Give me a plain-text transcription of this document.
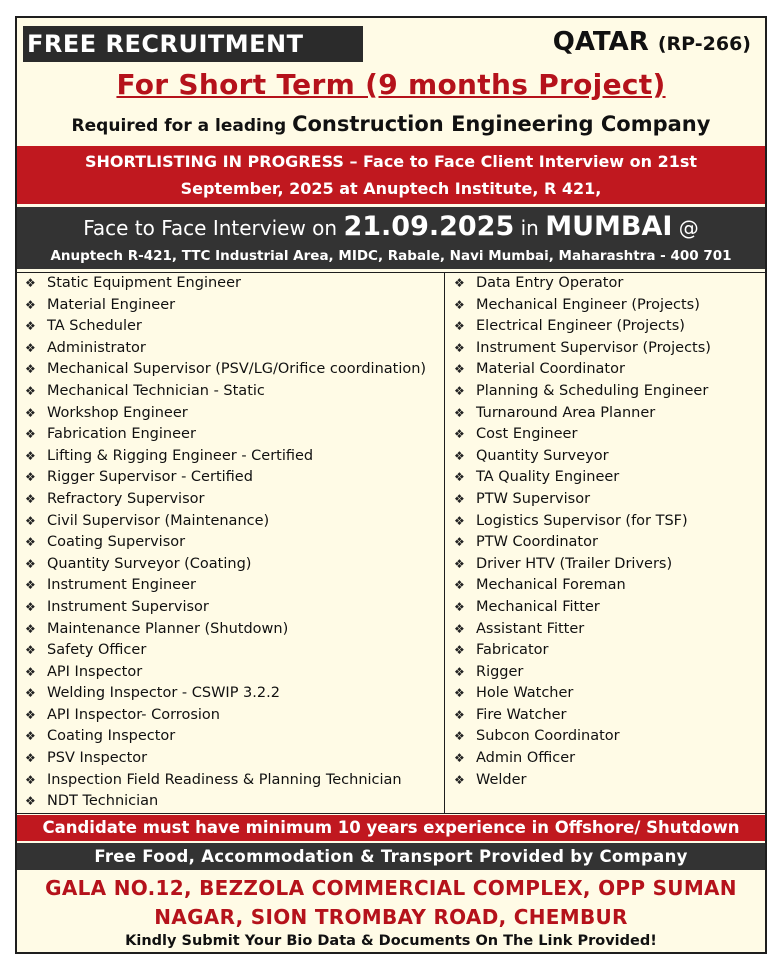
FREE RECRUITMENT	QATAR (RP-266)
For Short Term (9 months Project)
Required for a leading Construction Engineering Company
SHORTLISTING IN PROGRESS – Face to Face Client Interview on 21st
September, 2025 at Anuptech Institute, R 421,
Face to Face Interview on 21.09.2025 in MUMBAI @
Anuptech R-421, TTC Industrial Area, MIDC, Rabale, Navi Mumbai, Maharashtra - 400 701
❖ Static Equipment Engineer
❖ Material Engineer
❖ TA Scheduler
❖ Administrator
❖ Mechanical Supervisor (PSV/LG/Orifice coordination)
❖ Mechanical Technician - Static
❖ Workshop Engineer
❖ Fabrication Engineer
❖ Lifting & Rigging Engineer - Certified
❖ Rigger Supervisor - Certified
❖ Refractory Supervisor
❖ Civil Supervisor (Maintenance)
❖ Coating Supervisor
❖ Quantity Surveyor (Coating)
❖ Instrument Engineer
❖ Instrument Supervisor
❖ Maintenance Planner (Shutdown)
❖ Safety Officer
❖ API Inspector
❖ Welding Inspector - CSWIP 3.2.2
❖ API Inspector- Corrosion
❖ Coating Inspector
❖ PSV Inspector
❖ Inspection Field Readiness & Planning Technician
❖ NDT Technician
❖ Data Entry Operator
❖ Mechanical Engineer (Projects)
❖ Electrical Engineer (Projects)
❖ Instrument Supervisor (Projects)
❖ Material Coordinator
❖ Planning & Scheduling Engineer
❖ Turnaround Area Planner
❖ Cost Engineer
❖ Quantity Surveyor
❖ TA Quality Engineer
❖ PTW Supervisor
❖ Logistics Supervisor (for TSF)
❖ PTW Coordinator
❖ Driver HTV (Trailer Drivers)
❖ Mechanical Foreman
❖ Mechanical Fitter
❖ Assistant Fitter
❖ Fabricator
❖ Rigger
❖ Hole Watcher
❖ Fire Watcher
❖ Subcon Coordinator
❖ Admin Officer
❖ Welder
Candidate must have minimum 10 years experience in Offshore/ Shutdown
Free Food, Accommodation & Transport Provided by Company
GALA NO.12, BEZZOLA COMMERCIAL COMPLEX, OPP SUMAN
NAGAR, SION TROMBAY ROAD, CHEMBUR
Kindly Submit Your Bio Data & Documents On The Link Provided!
